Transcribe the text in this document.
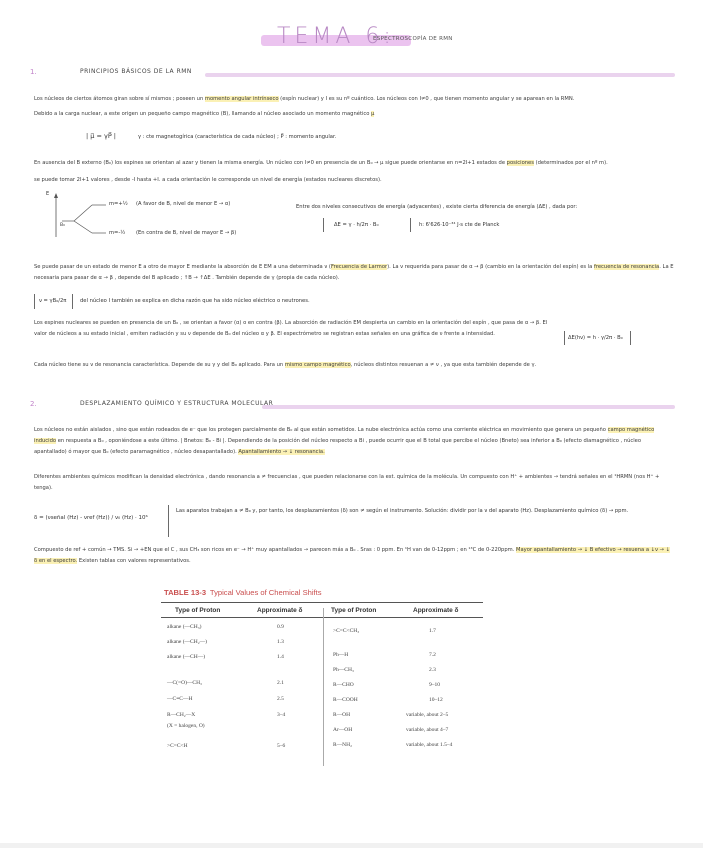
TEMA 6:
ESPECTROSCOPÍA DE RMN
1.	PRINCIPIOS BÁSICOS DE LA RMN
Los núcleos de ciertos átomos giran sobre sí mismos ; poseen un momento angular intrínseco (espín nuclear) y I es su nº cuántico. Los núcleos con I≠0 , que tienen momento angular y se aparean en la RMN.
Debido a la carga nuclear, a este origen un pequeño campo magnético (B), llamando al núcleo asociado un momento magnético μ
| μ⃗ = γP⃗ |	γ : cte magnetogírica (característica de cada núcleo) ; P⃗ : momento angular.
En ausencia del B externo (B₀) los espines se orientan al azar y tienen la misma energía. Un núcleo con I≠0 en presencia de un B₀ → μ sigue puede orientarse en n=2I+1 estados de posiciones (determinados por el nº m).
se puede tomar 2I+1 valores , desde -I hasta +I. a cada orientación le corresponde un nivel de energía (estados nucleares discretos).
E
B₀
m=+½ (A favor de B, nivel de menor E → α)
m=-½ (En contra de B, nivel de mayor E → β)
Entre dos niveles consecutivos de energía (adyacentes) , existe cierta diferencia de energía (ΔE) , dada por:
ΔE = γ · h/2π · B₀	h: 6'626·10⁻³⁴ J·s cte de Planck
Se puede pasar de un estado de menor E a otro de mayor E mediante la absorción de E EM a una determinada ν (Frecuencia de Larmor). La ν requerida para pasar de α → β (cambio en la orientación del espín) es la frecuencia de resonancia. La E necesaria para pasar de α → β , depende del B aplicado ; ↑B → ↑ΔE . También depende de γ (propia de cada núcleo).
ν = γB₀/2π	del núcleo I también se explica en dicha razón que ha sido núcleo eléctrico o neutrones.
Los espines nucleares se pueden en presencia de un B₀ , se orientan a favor (α) o en contra (β). La absorción de radiación EM despierta un cambio en la orientación del espín , que pasa de α → β. El valor de núcleos a su estado inicial , emiten radiación y su ν depende de B₀ del núcleo α y β. El espectrómetro se registran estas señales en una gráfica de ν frente a intensidad.
ΔE(hν) = h · γ/2π · B₀
Cada núcleo tiene su ν de resonancia característica. Depende de su γ y del B₀ aplicado. Para un mismo campo magnético, núcleos distintos resuenan a ≠ ν , ya que esta también depende de γ.
2.	DESPLAZAMIENTO QUÍMICO Y ESTRUCTURA MOLECULAR
Los núcleos no están aislados , sino que están rodeados de e⁻ que los protegen parcialmente de B₀ al que están sometidos. La nube electrónica actúa como una corriente eléctrica en movimiento que genera un pequeño campo magnético inducido en respuesta a B₀ , oponiéndose a este último. | Bnetos: B₀ - Bi |. Dependiendo de la posición del núcleo respecto a Bi , puede ocurrir que el B total que percibe el núcleo (Bneto) sea inferior a B₀ (efecto diamagnético , núcleo apantallado) ó mayor que B₀ (efecto paramagnético , núcleo desapantallado). Apantallamiento → ↓ resonancia.
Diferentes ambientes químicos modifican la densidad electrónica , dando resonancia a ≠ frecuencias , que pueden relacionarse con la est. química de la molécula. Un compuesto con H⁺ + ambientes → tendrá señales en el ¹HRMN (nos H⁺ + tenga).
δ = (νseñal (Hz) - νref (Hz)) / ν₀ (Hz) · 10⁶
Las aparatos trabajan a ≠ B₀ y, por tanto, los desplazamientos (δ) son ≠ según el instrumento. Solución: dividir por la ν del aparato (Hz). Desplazamiento químico (δ) → ppm.
Compuesto de ref + común → TMS. Si → +EN que el C , sus CH₃ son ricos en e⁻ → H⁺ muy apantallados → parecen más a B₀ . Sras : 0 ppm. En ¹H van de 0-12ppm ; en ¹³C de 0-220ppm. Mayor apantallamiento → ↓ B efectivo → resuena a ↓ν → ↓ δ en el espectro. Existen tablas con valores representativos.
TABLE 13-3 Typical Values of Chemical Shifts
Type of Proton	Approximate δ	Type of Proton	Approximate δ
alkane (—CH₃)	0.9
alkane (—CH₂—)	1.3
alkane (—CH—)	1.4
—C(=O)—CH₃	2.1
—C≡C—H	2.5
R—CH₂—X	3–4
(X = halogen, O)
>C=C<H	5–6
>C=C<CH₃	1.7
Ph—H	7.2
Ph—CH₃	2.3
R—CHO	9–10
R—COOH	10–12
R—OH	variable, about 2–5
Ar—OH	variable, about 4–7
R—NH₂	variable, about 1.5–4
